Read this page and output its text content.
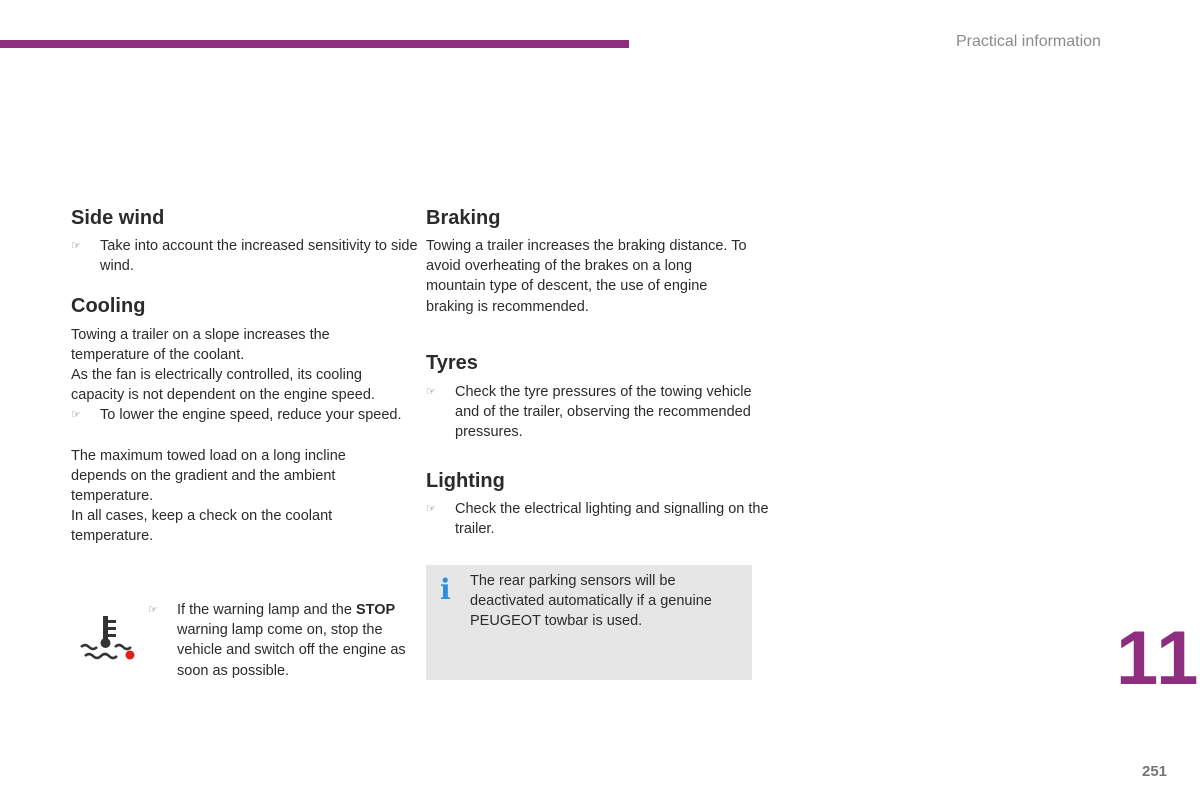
Practical information
Side wind
☞ Take into account the increased sensitivity to side wind.
Cooling

Towing a trailer on a slope increases the temperature of the coolant.

As the fan is electrically controlled, its cooling capacity is not dependent on the engine speed.

☞ To lower the engine speed, reduce your speed.

The maximum towed load on a long incline depends on the gradient and the ambient temperature.

In all cases, keep a check on the coolant temperature.

☞ If the warning lamp and the STOP warning lamp come on, stop the vehicle and switch off the engine as soon as possible.
Braking

Towing a trailer increases the braking distance. To avoid overheating of the brakes on a long mountain type of descent, the use of engine braking is recommended.

Tyres
☞ Check the tyre pressures of the towing vehicle and of the trailer, observing the recommended pressures.
Lighting
☞ Check the electrical lighting and signalling on the trailer.
i The rear parking sensors will be deactivated automatically if a genuine PEUGEOT towbar is used.	11
251
